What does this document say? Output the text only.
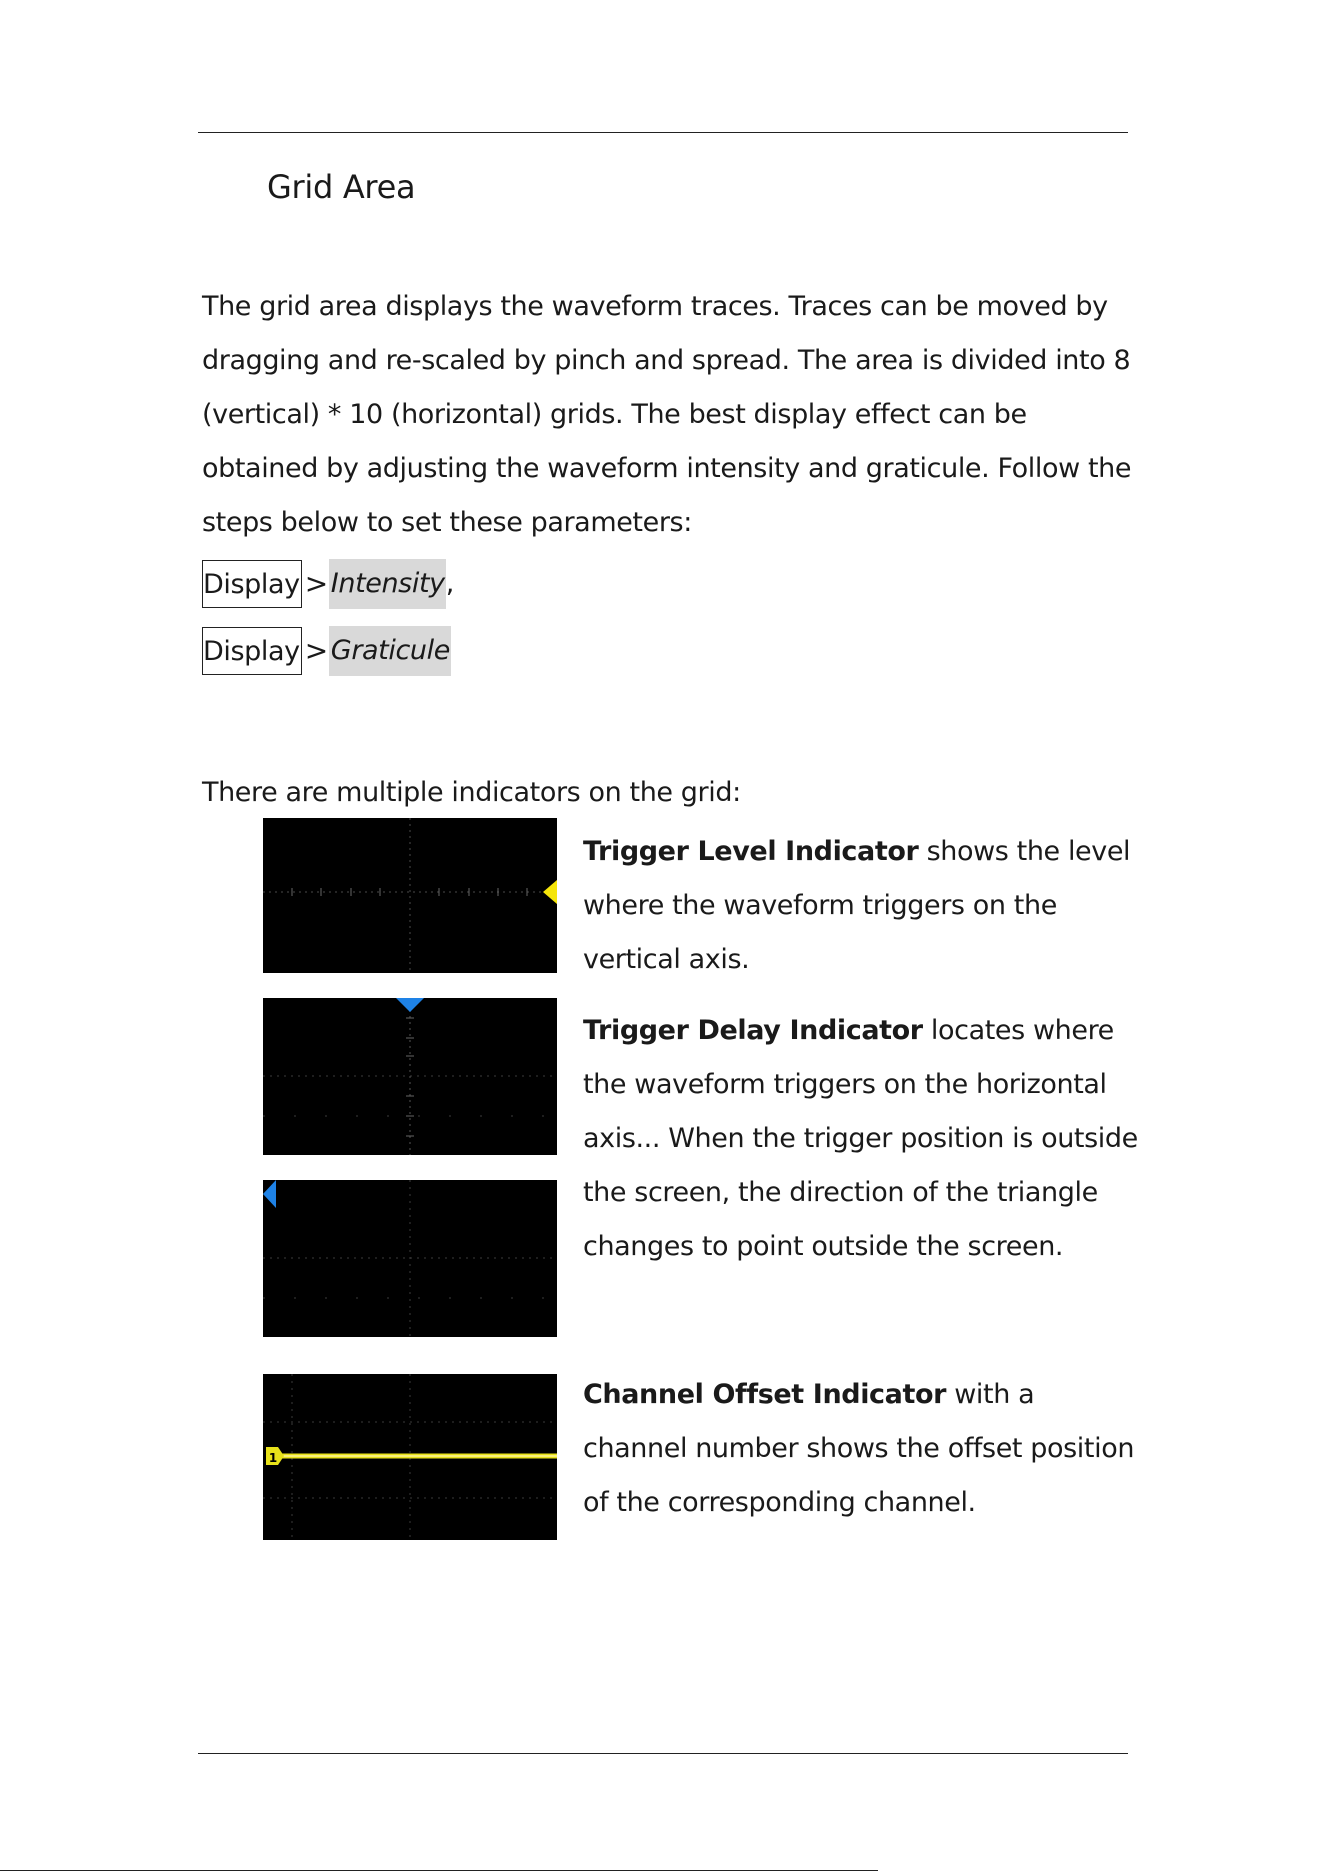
Grid Area
The grid area displays the waveform traces. Traces can be moved by dragging and re-scaled by pinch and spread. The area is divided into 8 (vertical) * 10 (horizontal) grids. The best display effect can be obtained by adjusting the waveform intensity and graticule. Follow the steps below to set these parameters:
Display > Intensity ,
Display > Graticule
There are multiple indicators on the grid:
Trigger Level Indicator shows the level where the waveform triggers on the vertical axis.
Trigger Delay Indicator locates where the waveform triggers on the horizontal axis... When the trigger position is outside the screen, the direction of the triangle changes to point outside the screen.
1
Channel Offset Indicator with a channel number shows the offset position of the corresponding channel.
